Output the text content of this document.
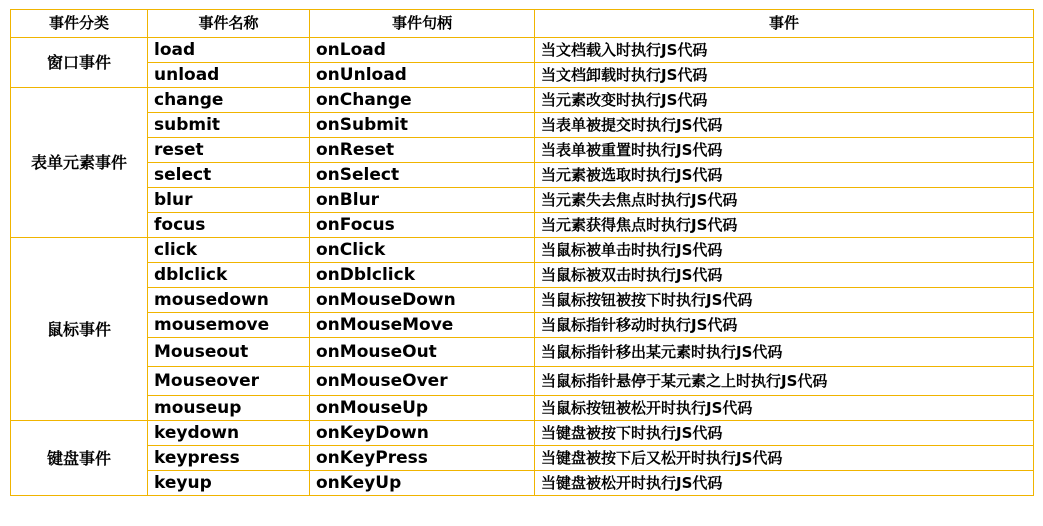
事件分类	事件名称	事件句柄	事件
窗口事件	load	onLoad	当文档载入时执行JS代码
	unload	onUnload	当文档卸载时执行JS代码
表单元素事件	change	onChange	当元素改变时执行JS代码
	submit	onSubmit	当表单被提交时执行JS代码
	reset	onReset	当表单被重置时执行JS代码
	select	onSelect	当元素被选取时执行JS代码
	blur	onBlur	当元素失去焦点时执行JS代码
	focus	onFocus	当元素获得焦点时执行JS代码
鼠标事件	click	onClick	当鼠标被单击时执行JS代码
	dblclick	onDblclick	当鼠标被双击时执行JS代码
	mousedown	onMouseDown	当鼠标按钮被按下时执行JS代码
	mousemove	onMouseMove	当鼠标指针移动时执行JS代码
	Mouseout	onMouseOut	当鼠标指针移出某元素时执行JS代码
	Mouseover	onMouseOver	当鼠标指针悬停于某元素之上时执行JS代码
	mouseup	onMouseUp	当鼠标按钮被松开时执行JS代码
键盘事件	keydown	onKeyDown	当键盘被按下时执行JS代码
	keypress	onKeyPress	当键盘被按下后又松开时执行JS代码
	keyup	onKeyUp	当键盘被松开时执行JS代码
